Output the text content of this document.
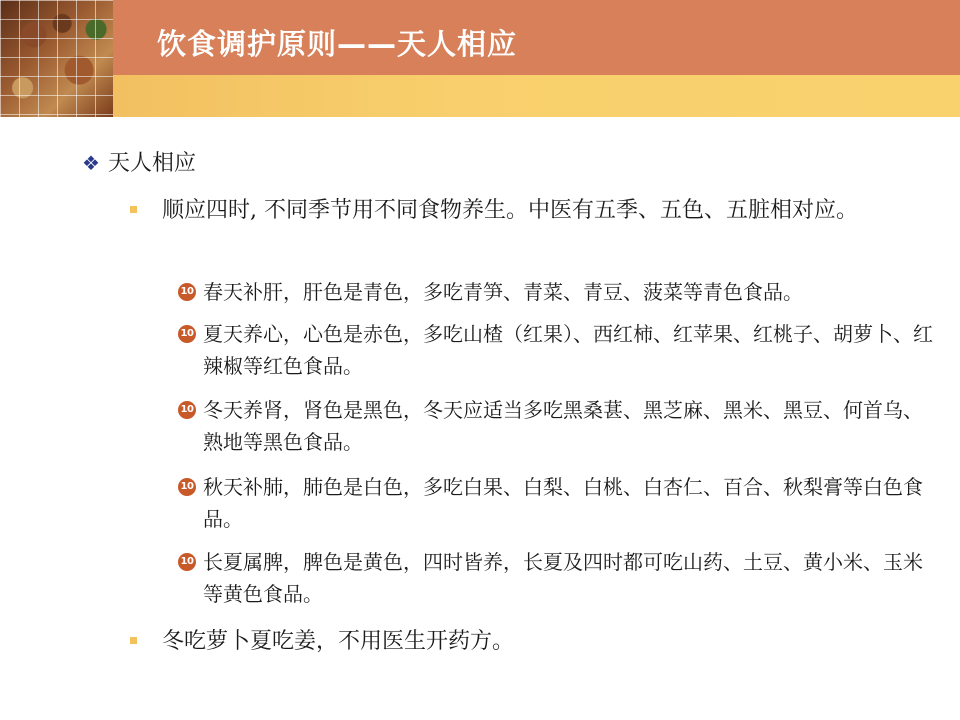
饮食调护原则——天人相应
❖ 天人相应
顺应四时, 不同季节用不同食物养生。中医有五季、五色、五脏相对应。
10 春天补肝，肝色是青色，多吃青笋、青菜、青豆、菠菜等青色食品。
10 夏天养心，心色是赤色，多吃山楂（红果）、西红柿、红苹果、红桃子、胡萝卜、红辣椒等红色食品。
10 冬天养肾，肾色是黑色，冬天应适当多吃黑桑葚、黑芝麻、黑米、黑豆、何首乌、熟地等黑色食品。
10 秋天补肺，肺色是白色，多吃白果、白梨、白桃、白杏仁、百合、秋梨膏等白色食品。
10 长夏属脾，脾色是黄色，四时皆养，长夏及四时都可吃山药、土豆、黄小米、玉米等黄色食品。
冬吃萝卜夏吃姜，不用医生开药方。
